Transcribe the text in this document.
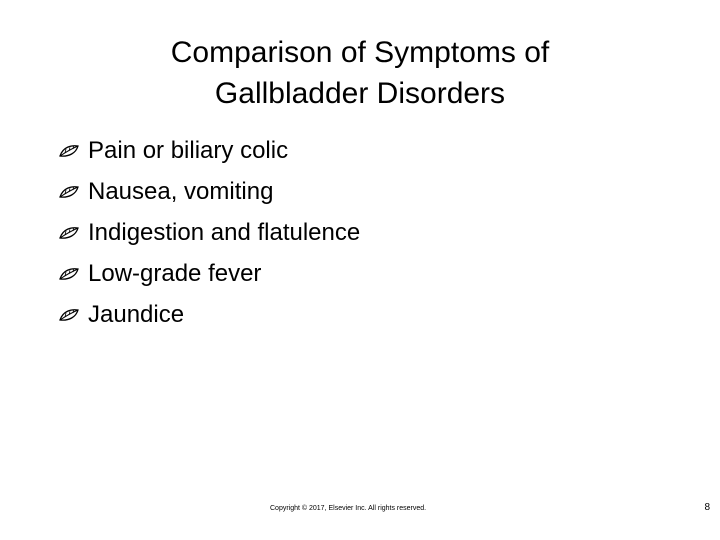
Comparison of Symptoms of
Gallbladder Disorders
Pain or biliary colic
Nausea, vomiting
Indigestion and flatulence
Low-grade fever
Jaundice
Copyright © 2017, Elsevier Inc. All rights reserved.	8
